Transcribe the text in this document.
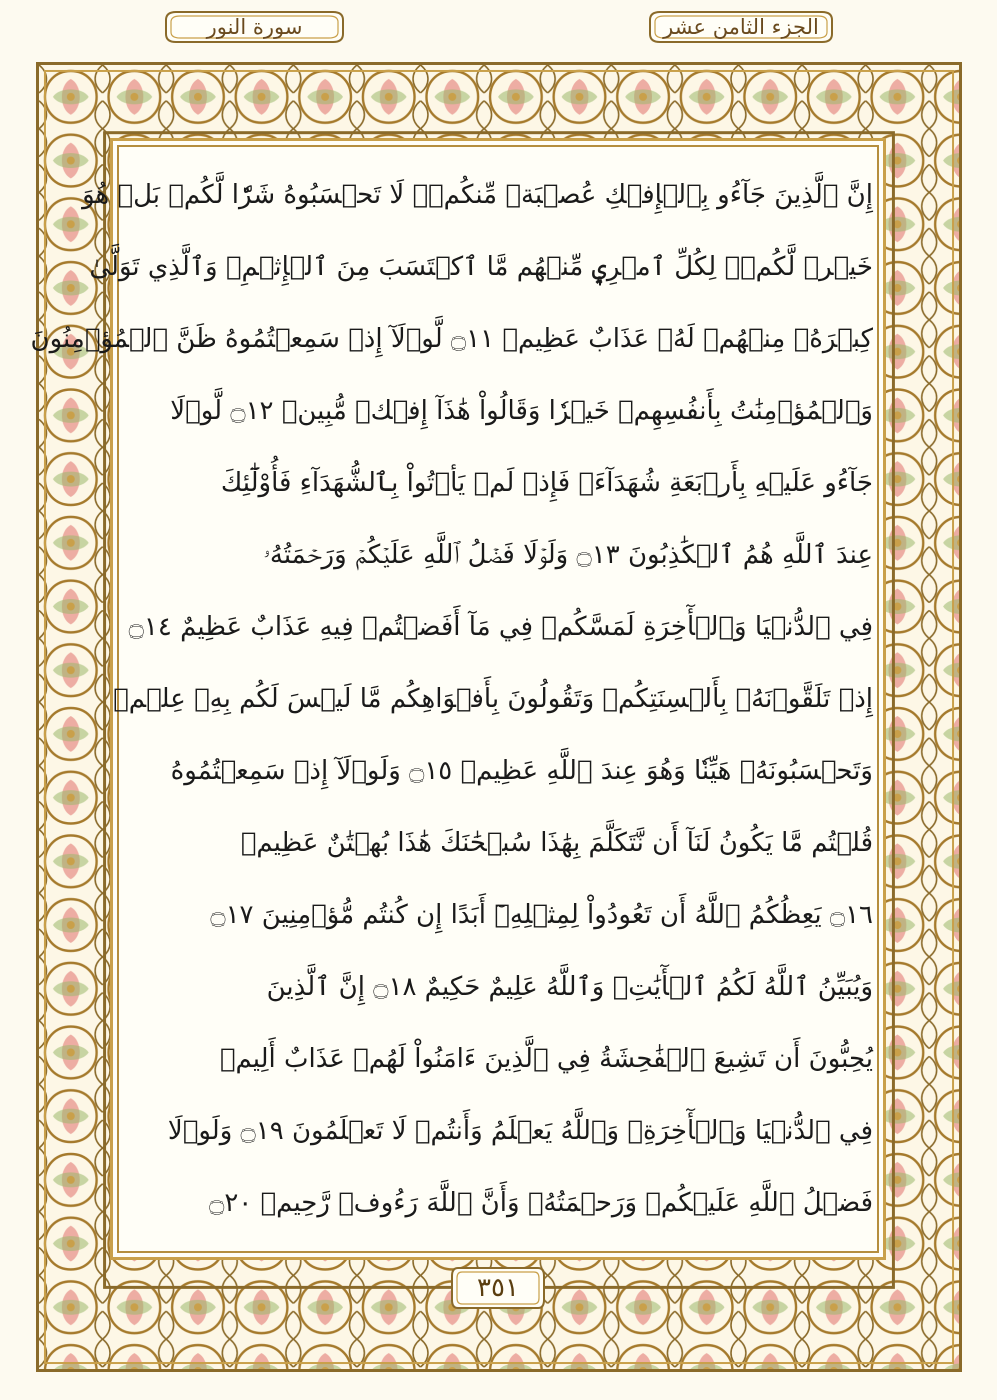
سورة النور	الجزء الثامن عشر
إِنَّ ٱلَّذِينَ جَآءُو بِٱلۡإِفۡكِ عُصۡبَةٞ مِّنكُمۡۚ لَا تَحۡسَبُوهُ شَرّٗا لَّكُمۖ بَلۡ هُوَ
خَيۡرٞ لَّكُمۡۚ لِكُلِّ ٱمۡرِيٕٖ مِّنۡهُم مَّا ٱكۡتَسَبَ مِنَ ٱلۡإِثۡمِۚ وَٱلَّذِي تَوَلَّىٰ
كِبۡرَهُۥ مِنۡهُمۡ لَهُۥ عَذَابٌ عَظِيمٞ ۝١١ لَّوۡلَآ إِذۡ سَمِعۡتُمُوهُ ظَنَّ ٱلۡمُؤۡمِنُونَ
وَٱلۡمُؤۡمِنَٰتُ بِأَنفُسِهِمۡ خَيۡرٗا وَقَالُواْ هَٰذَآ إِفۡكٞ مُّبِينٞ ۝١٢ لَّوۡلَا
جَآءُو عَلَيۡهِ بِأَرۡبَعَةِ شُهَدَآءَۚ فَإِذۡ لَمۡ يَأۡتُواْ بِٱلشُّهَدَآءِ فَأُوْلَٰٓئِكَ
عِندَ ٱللَّهِ هُمُ ٱلۡكَٰذِبُونَ ۝١٣ وَلَوۡلَا فَضۡلُ ٱللَّهِ عَلَيۡكُمۡ وَرَحۡمَتُهُۥ
فِي ٱلدُّنۡيَا وَٱلۡأٓخِرَةِ لَمَسَّكُمۡ فِي مَآ أَفَضۡتُمۡ فِيهِ عَذَابٌ عَظِيمٌ ۝١٤
إِذۡ تَلَقَّوۡنَهُۥ بِأَلۡسِنَتِكُمۡ وَتَقُولُونَ بِأَفۡوَاهِكُم مَّا لَيۡسَ لَكُم بِهِۦ عِلۡمٞ
وَتَحۡسَبُونَهُۥ هَيِّنٗا وَهُوَ عِندَ ٱللَّهِ عَظِيمٞ ۝١٥ وَلَوۡلَآ إِذۡ سَمِعۡتُمُوهُ
قُلۡتُم مَّا يَكُونُ لَنَآ أَن نَّتَكَلَّمَ بِهَٰذَا سُبۡحَٰنَكَ هَٰذَا بُهۡتَٰنٌ عَظِيمٞ
۝١٦ يَعِظُكُمُ ٱللَّهُ أَن تَعُودُواْ لِمِثۡلِهِۦٓ أَبَدًا إِن كُنتُم مُّؤۡمِنِينَ ۝١٧
وَيُبَيِّنُ ٱللَّهُ لَكُمُ ٱلۡأٓيَٰتِۚ وَٱللَّهُ عَلِيمٌ حَكِيمٌ ۝١٨ إِنَّ ٱلَّذِينَ
يُحِبُّونَ أَن تَشِيعَ ٱلۡفَٰحِشَةُ فِي ٱلَّذِينَ ءَامَنُواْ لَهُمۡ عَذَابٌ أَلِيمٞ
فِي ٱلدُّنۡيَا وَٱلۡأٓخِرَةِۚ وَٱللَّهُ يَعۡلَمُ وَأَنتُمۡ لَا تَعۡلَمُونَ ۝١٩ وَلَوۡلَا
فَضۡلُ ٱللَّهِ عَلَيۡكُمۡ وَرَحۡمَتُهُۥ وَأَنَّ ٱللَّهَ رَءُوفٞ رَّحِيمٞ ۝٢٠
٣٥١
